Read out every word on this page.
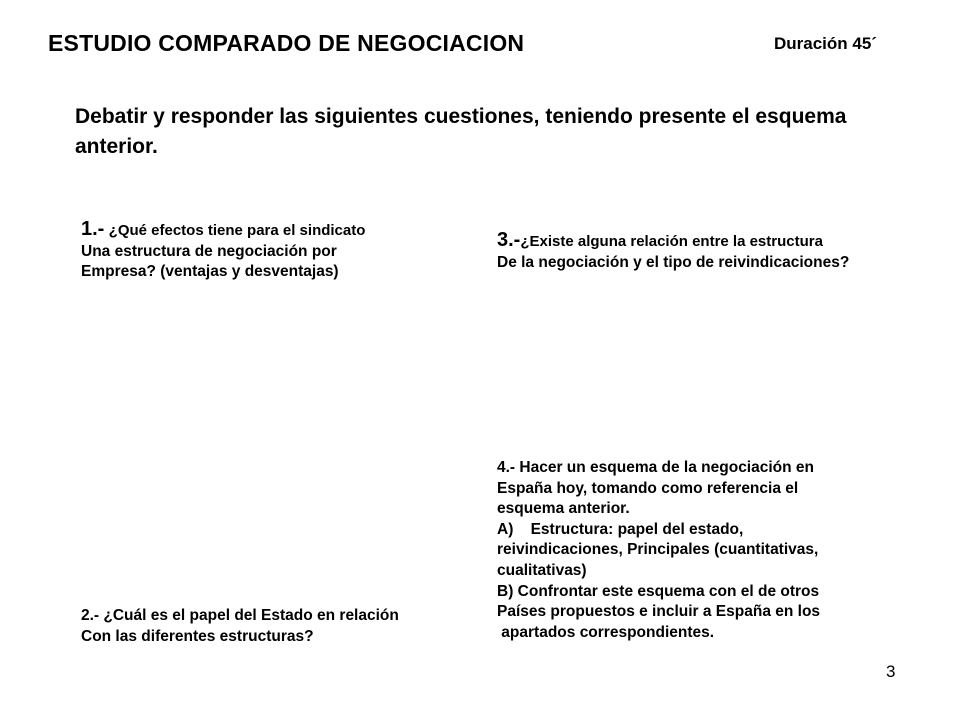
ESTUDIO COMPARADO DE NEGOCIACION	Duración 45´
Debatir y responder las siguientes cuestiones, teniendo presente el esquema anterior.
1.- ¿Qué efectos tiene para el sindicato
Una estructura de negociación por
Empresa? (ventajas y desventajas)
3.-¿Existe alguna relación entre la estructura
De la negociación y el tipo de reivindicaciones?
4.- Hacer un esquema de la negociación en
España hoy, tomando como referencia el
esquema anterior.
A)    Estructura: papel del estado,
reivindicaciones, Principales (cuantitativas,
cualitativas)
B) Confrontar este esquema con el de otros
Países propuestos e incluir a España en los
apartados correspondientes.
2.- ¿Cuál es el papel del Estado en relación
Con las diferentes estructuras?
3
